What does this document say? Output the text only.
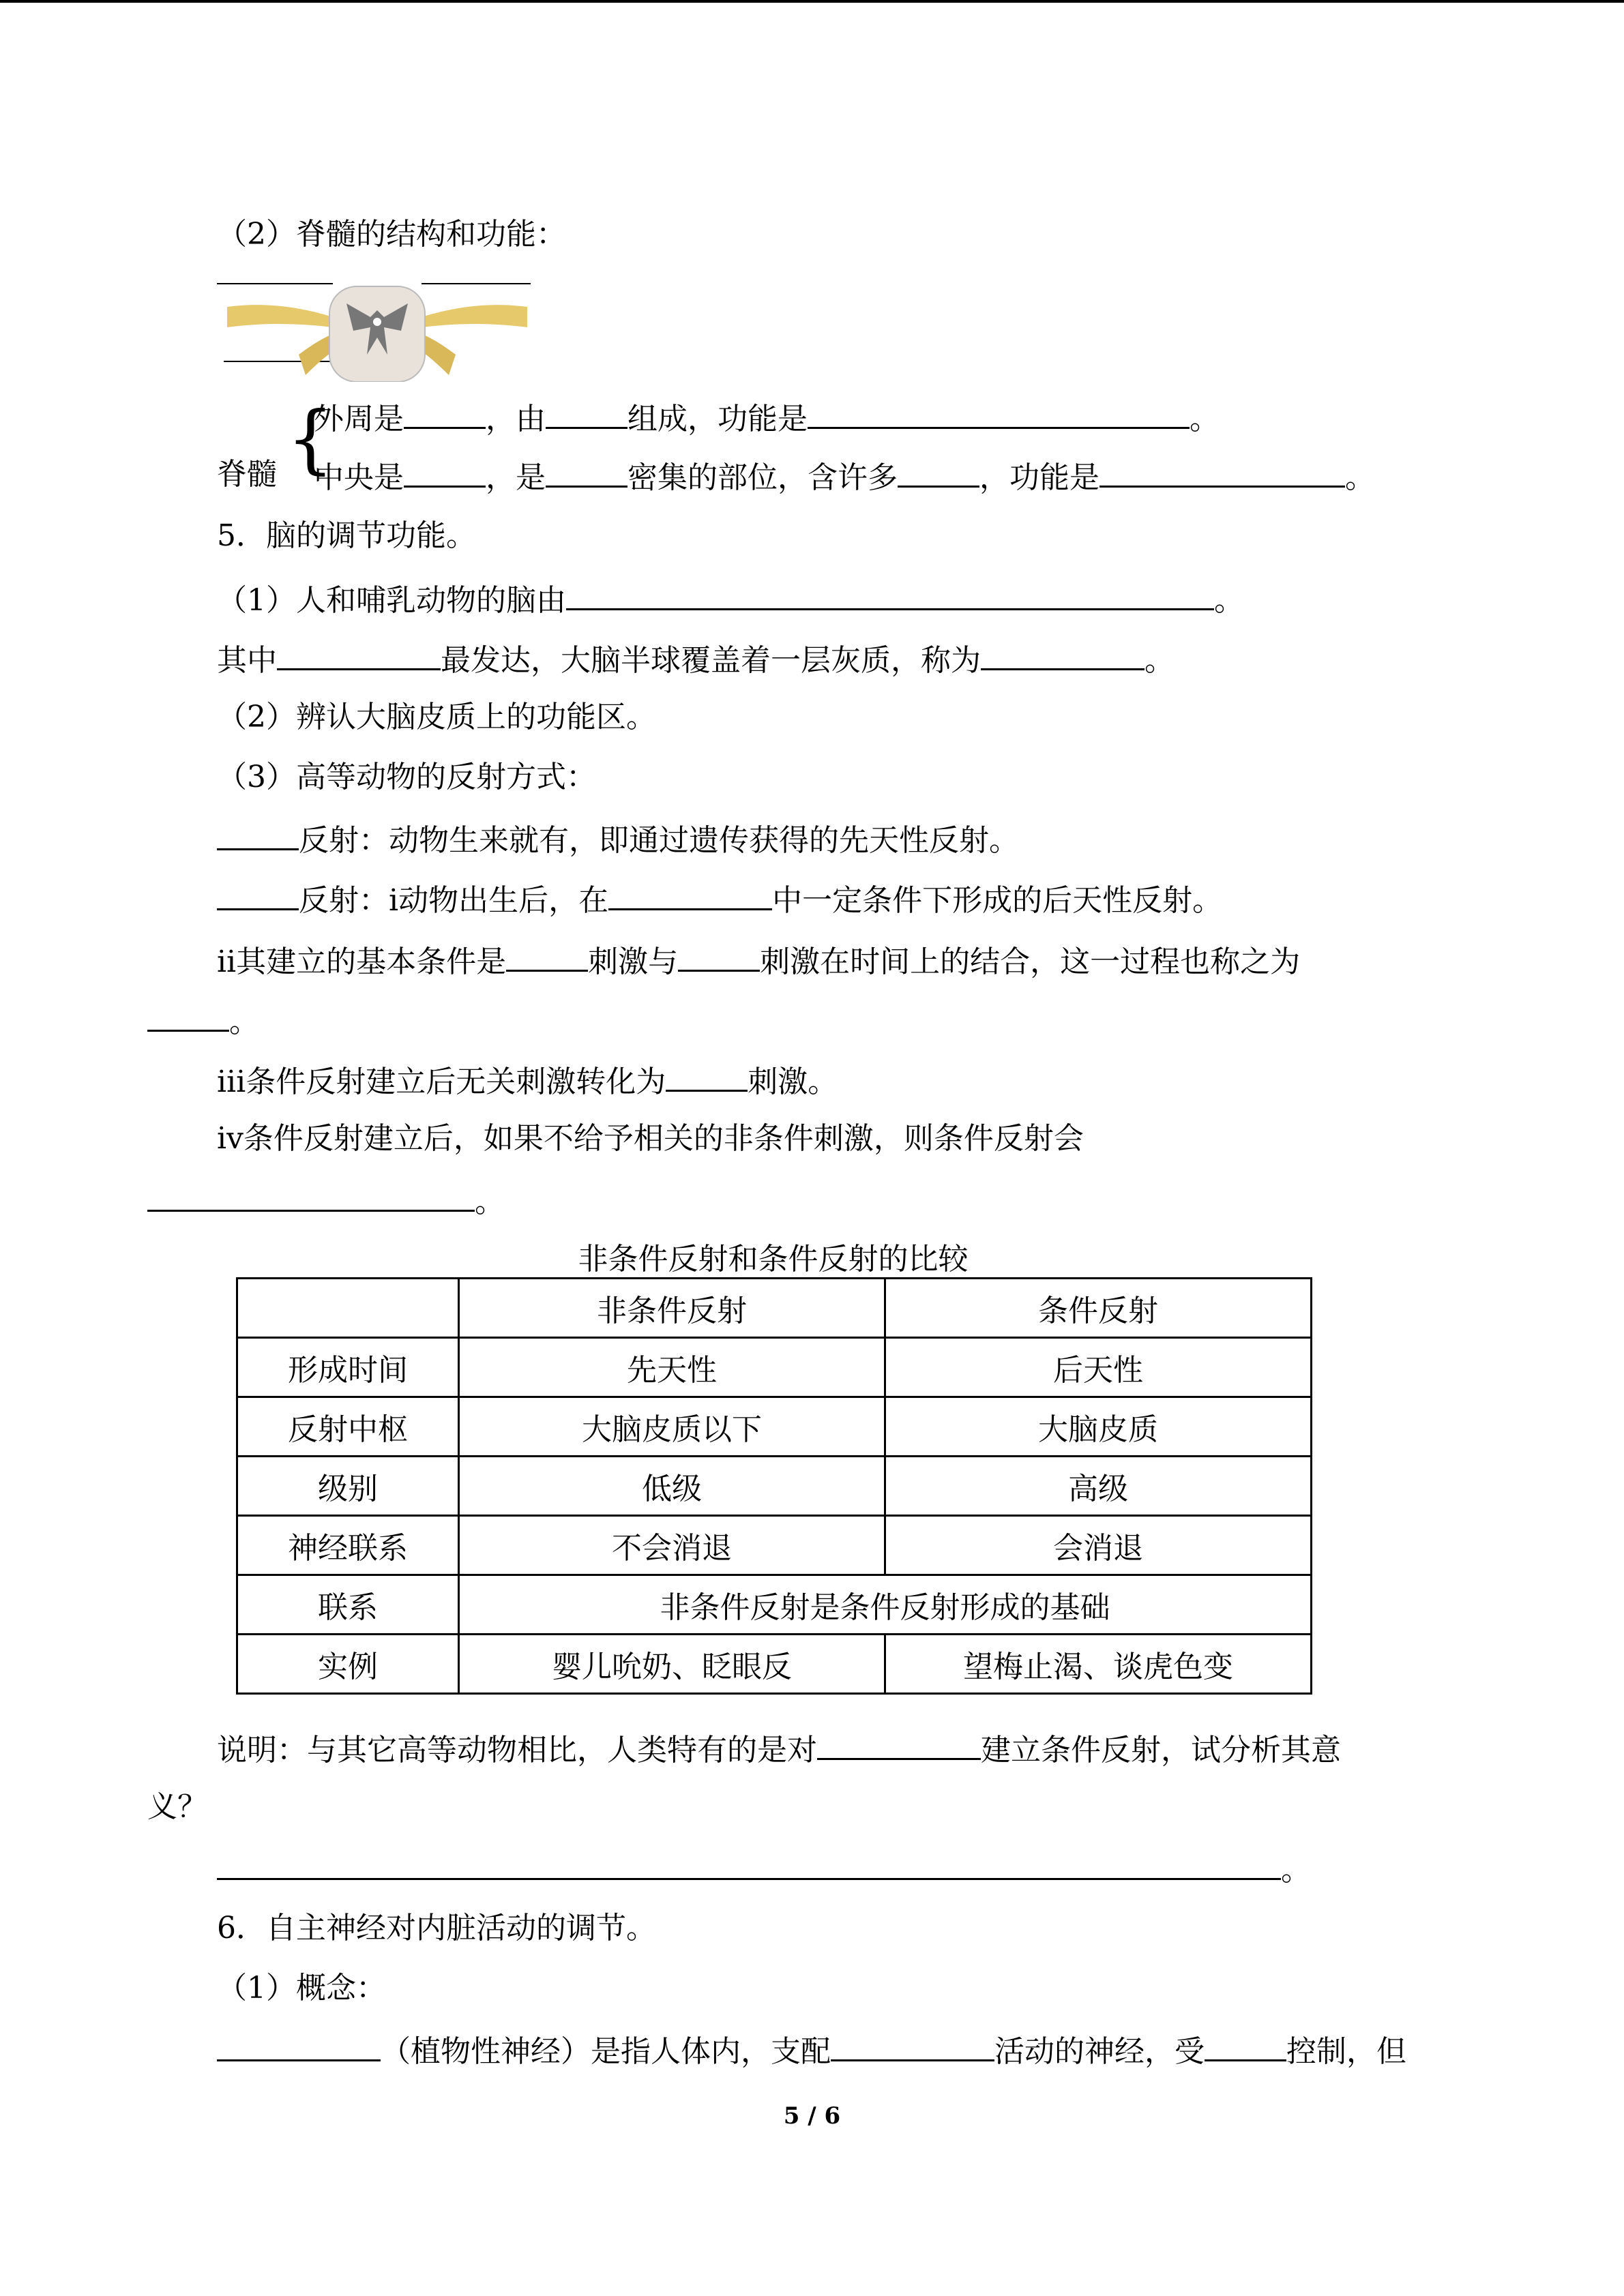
（2）脊髓的结构和功能：
{
外周是	，由	组成，功能是	。
脊髓 中央是	，是	密集的部位，含许多	，功能是	。
5．脑的调节功能。
（1）人和哺乳动物的脑由	。
其中	最发达，大脑半球覆盖着一层灰质，称为	。
（2）辨认大脑皮质上的功能区。
（3）高等动物的反射方式：
反射：动物生来就有，即通过遗传获得的先天性反射。
反射：ⅰ动物出生后，在	中一定条件下形成的后天性反射。
ⅱ其建立的基本条件是	刺激与	刺激在时间上的结合，这一过程也称之为
。
ⅲ条件反射建立后无关刺激转化为	刺激。
ⅳ条件反射建立后，如果不给予相关的非条件刺激，则条件反射会
。
非条件反射和条件反射的比较
	非条件反射	条件反射
形成时间	先天性	后天性
反射中枢	大脑皮质以下	大脑皮质
级别	低级	高级
神经联系	不会消退	会消退
联系	非条件反射是条件反射形成的基础	
实例	婴儿吮奶、眨眼反	望梅止渴、谈虎色变
说明：与其它高等动物相比，人类特有的是对	建立条件反射，试分析其意
义？
。
6．自主神经对内脏活动的调节。
（1）概念：
（植物性神经）是指人体内，支配	活动的神经，受	控制，但
5 / 6
